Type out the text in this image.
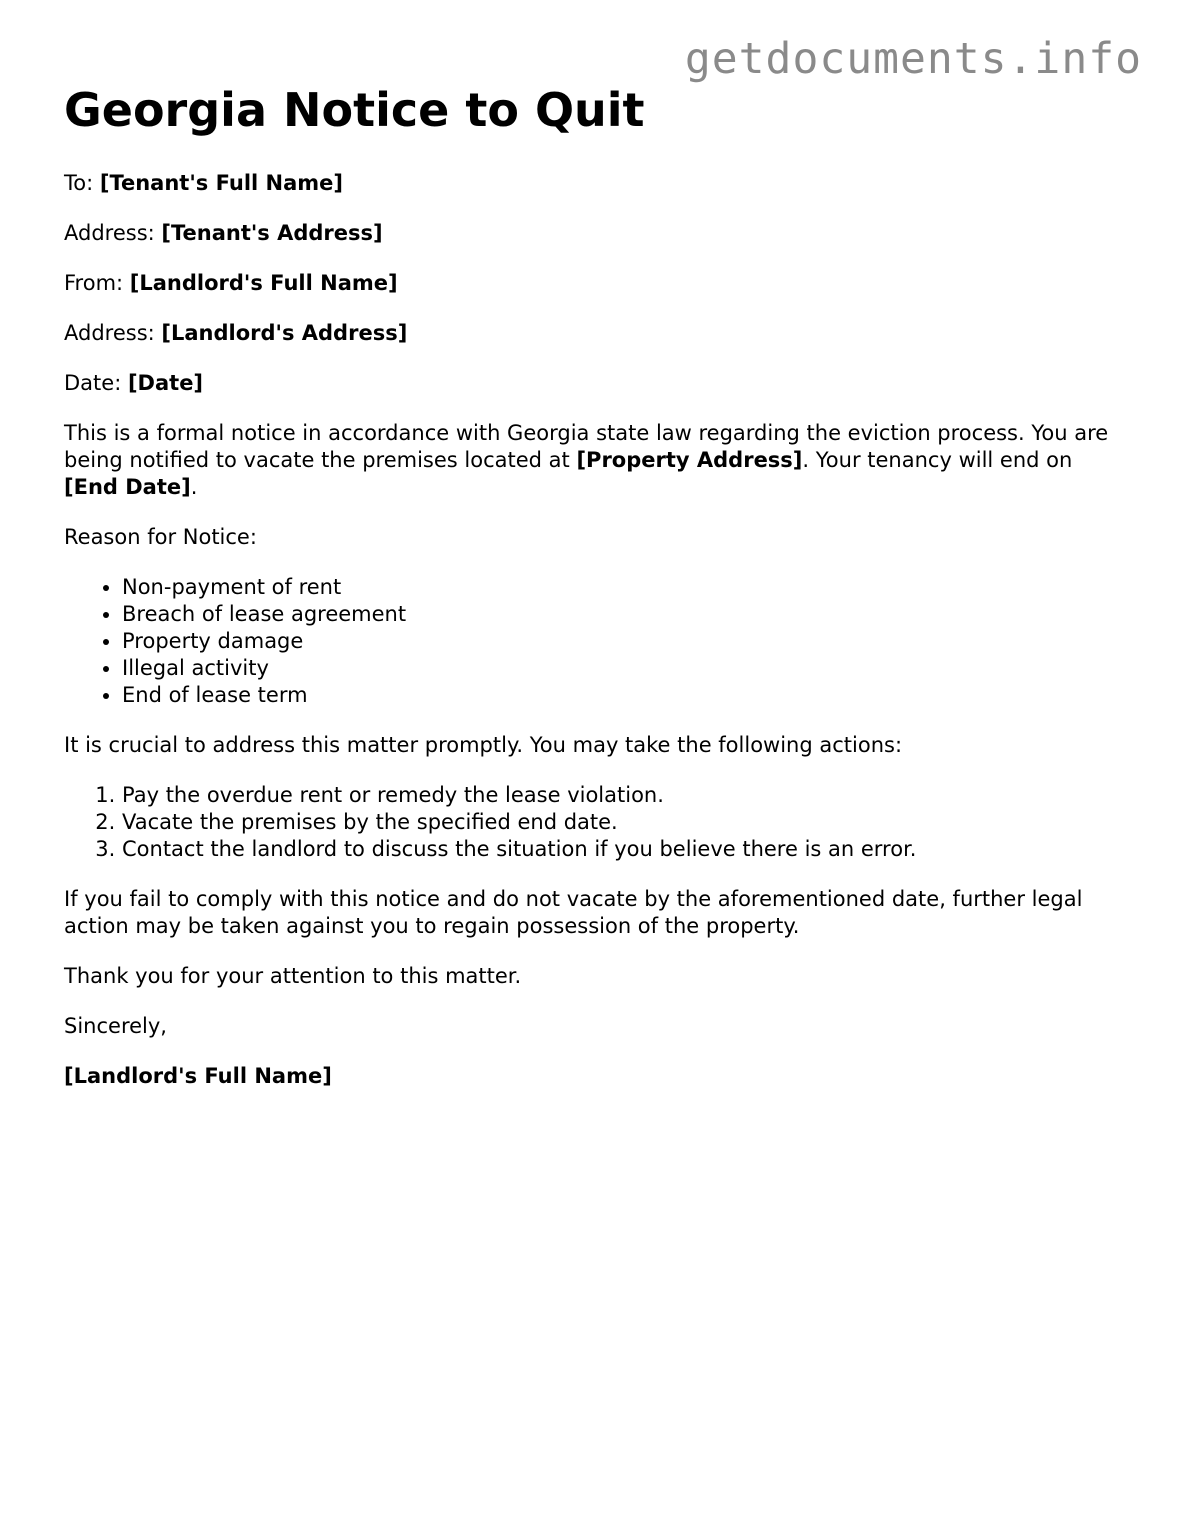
getdocuments.info
Georgia Notice to Quit

To: [Tenant's Full Name]

Address: [Tenant's Address]

From: [Landlord's Full Name]

Address: [Landlord's Address]

Date: [Date]

This is a formal notice in accordance with Georgia state law regarding the eviction process. You are being notified to vacate the premises located at [Property Address]. Your tenancy will end on [End Date].

Reason for Notice:

• Non-payment of rent
• Breach of lease agreement
• Property damage
• Illegal activity
• End of lease term

It is crucial to address this matter promptly. You may take the following actions:

1. Pay the overdue rent or remedy the lease violation.
2. Vacate the premises by the specified end date.
3. Contact the landlord to discuss the situation if you believe there is an error.

If you fail to comply with this notice and do not vacate by the aforementioned date, further legal action may be taken against you to regain possession of the property.

Thank you for your attention to this matter.

Sincerely,

[Landlord's Full Name]
